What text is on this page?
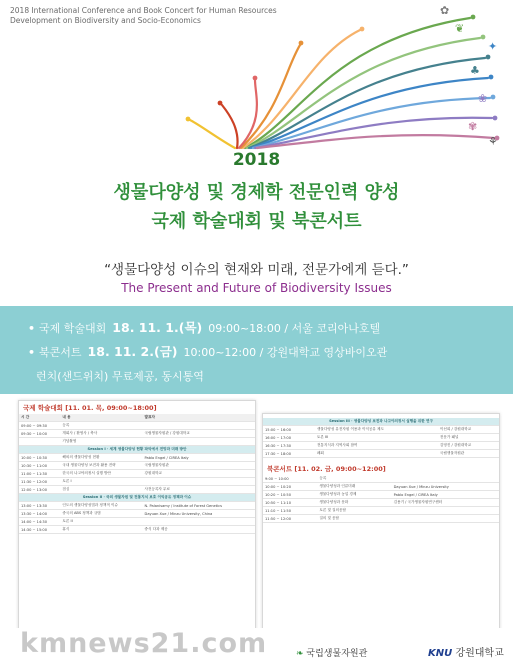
2018 International Conference and Book Concert for Human Resources
Development on Biodiversity and Socio-Economics
✿
❦
✦
♣
❀
✾
⚘
2018
생물다양성 및 경제학 전문인력 양성
국제 학술대회 및 북콘서트
“생물다양성 이슈의 현재와 미래, 전문가에게 듣다.”
The Present and Future of Biodiversity Issues
• 국제 학술대회 18. 11. 1.(목) 09:00~18:00 / 서울 코리아나호텔
• 북콘서트 18. 11. 2.(금) 10:00~12:00 / 강원대학교 영상바이오관
런치(샌드위치) 무료제공, 동시통역
국제 학술대회 [11. 01. 목, 09:00~18:00]
시 간	내 용	발표자
09:00 ~ 09:30	등록	
09:30 ~ 10:00	개회사 / 환영사 / 축사	국립생물자원관 / 강원대학교
	기념촬영	
Session I · 세계 생물다양성 현황 파악에서 전망과 미래 방안		
10:00 ~ 10:30	해외의 생물다양성 현황	Pablo Engel / CIREA Italy
10:30 ~ 11:00	국내 생물다양성 보전과 활용 전략	국립생물자원관
11:00 ~ 11:30	한국의 나고야의정서 실행 방안	강원대학교
11:30 ~ 12:00	토론 I	
12:00 ~ 13:00	점심	사전등록자 무료
Session II · 국외 생물자원 및 전통지식 보호 이익공유 정책과 이슈		
13:00 ~ 13:30	인도의 생물다양성법과 정책적 이슈	N. Palanisamy / Institute of Forest Genetics
13:30 ~ 14:00	중국의 ABS 정책과 규범	Dayuan Xue / Minzu University, China
14:00 ~ 14:30	토론 II	
14:30 ~ 15:00	휴식	중식 다과 제공
Session III · 생물다양성 보전과 나고야의정서 실행을 위한 연구		
15:00 ~ 16:00	생물다양성 유전자원 이용과 이익공유 제도	이선희 / 강원대학교
16:00 ~ 17:00	토론 III	전문가 패널
16:30 ~ 17:30	전통지식과 지역사회 참여	김영진 / 강원대학교
17:30 ~ 18:00	폐회	국립생물자원관
북콘서트 [11. 02. 금, 09:00~12:00]
9:00 ~ 10:00	등록	
10:00 ~ 10:20	생물다양성과 인류미래	Dayuan Xue / Minzu University
10:20 ~ 10:50	생물다양성과 농업 경제	Pablo Engel / CIREA Italy
10:50 ~ 11:10	생물다양성과 문화	김용기 / 국가생물자원연구센터
11:10 ~ 11:50	토론 및 질의응답	
11:50 ~ 12:00	질의 및 응답	
kmnews21.com	❧ 국립생물자원관	KNU 강원대학교
